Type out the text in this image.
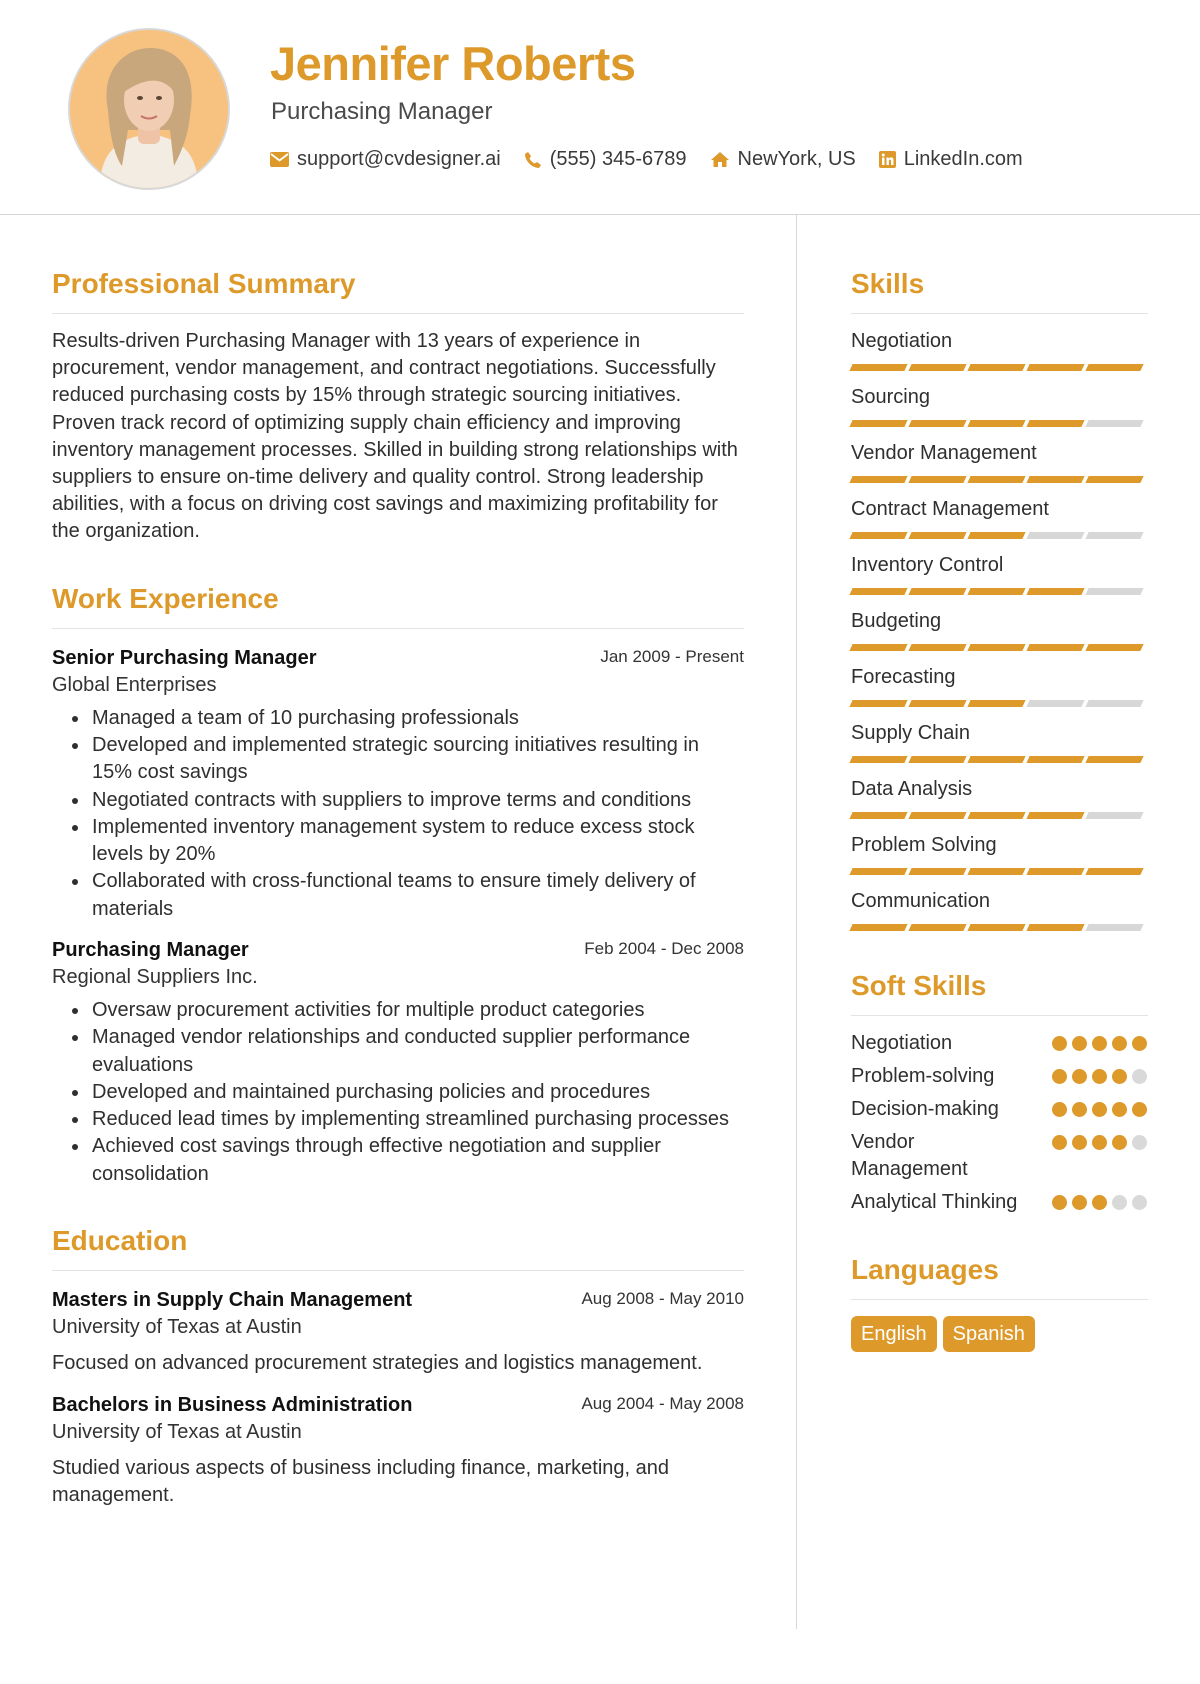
Jennifer Roberts
Purchasing Manager
support@cvdesigner.ai (555) 345-6789	NewYork, US LinkedIn.com
Professional Summary

Results-driven Purchasing Manager with 13 years of experience in procurement, vendor management, and contract negotiations. Successfully reduced purchasing costs by 15% through strategic sourcing initiatives. Proven track record of optimizing supply chain efficiency and improving inventory management processes. Skilled in building strong relationships with suppliers to ensure on-time delivery and quality control. Strong leadership abilities, with a focus on driving cost savings and maximizing profitability for the organization.

Work Experience
Senior Purchasing Manager	Jan 2009 - Present
Global Enterprises
• Managed a team of 10 purchasing professionals
• Developed and implemented strategic sourcing initiatives resulting in 15% cost savings
• Negotiated contracts with suppliers to improve terms and conditions
• Implemented inventory management system to reduce excess stock levels by 20%
• Collaborated with cross-functional teams to ensure timely delivery of materials
Purchasing Manager	Feb 2004 - Dec 2008
Regional Suppliers Inc.
• Oversaw procurement activities for multiple product categories
• Managed vendor relationships and conducted supplier performance evaluations
• Developed and maintained purchasing policies and procedures
• Reduced lead times by implementing streamlined purchasing processes
• Achieved cost savings through effective negotiation and supplier consolidation
Education
Masters in Supply Chain Management	Aug 2008 - May 2010
University of Texas at Austin
Focused on advanced procurement strategies and logistics management.
Bachelors in Business Administration	Aug 2004 - May 2008
University of Texas at Austin
Studied various aspects of business including finance, marketing, and management.
Skills
Negotiation
Sourcing
Vendor Management
Contract Management
Inventory Control
Budgeting
Forecasting
Supply Chain
Data Analysis
Problem Solving
Communication
Soft Skills
Negotiation
Problem-solving
Decision-making
Vendor Management
Analytical Thinking
Languages
English	Spanish
